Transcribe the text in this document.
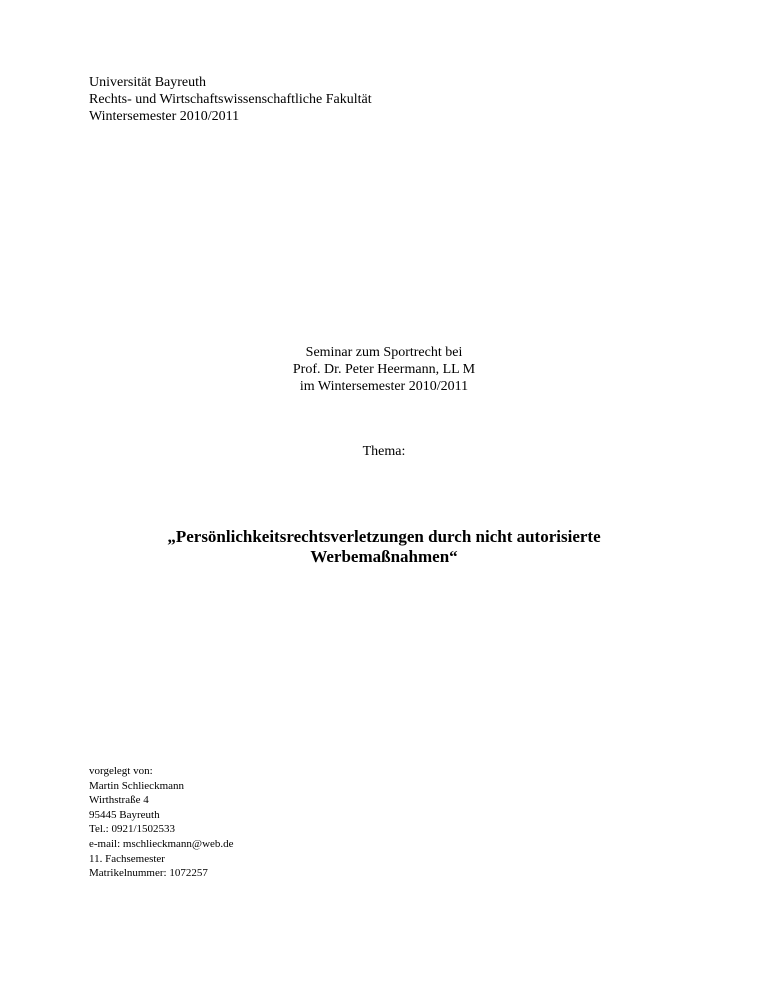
Universität Bayreuth
Rechts- und Wirtschaftswissenschaftliche Fakultät
Wintersemester 2010/2011
Seminar zum Sportrecht bei
Prof. Dr. Peter Heermann, LL M
im Wintersemester 2010/2011
Thema:
„Persönlichkeitsrechtsverletzungen durch nicht autorisierte
Werbemaßnahmen“
vorgelegt von:
Martin Schlieckmann
Wirthstraße 4
95445 Bayreuth
Tel.: 0921/1502533
e-mail: mschlieckmann@web.de
11. Fachsemester
Matrikelnummer: 1072257
